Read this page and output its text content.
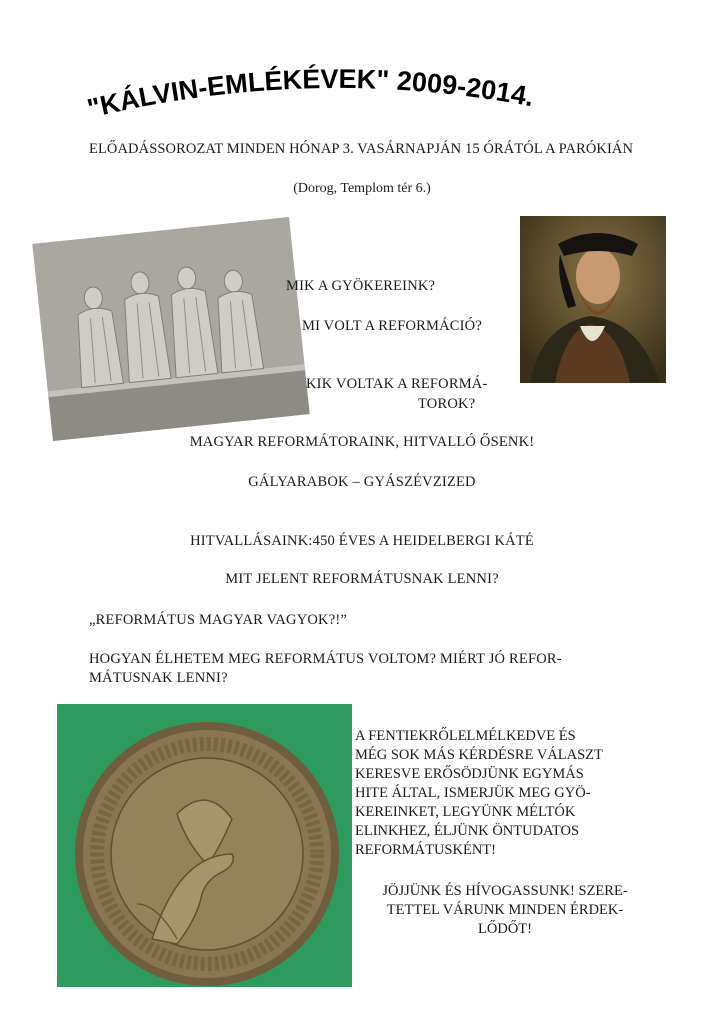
"KÁLVIN-EMLÉKÉVEK" 2009-2014.
ELŐADÁSSOROZAT MINDEN HÓNAP 3. VASÁRNAPJÁN 15 ÓRÁTÓL A PARÓKIÁN
(Dorog, Templom tér 6.)
MIK A GYÖKEREINK?
MI VOLT A REFORMÁCIÓ?
KIK VOLTAK A REFORMÁ-
TOROK?
MAGYAR REFORMÁTORAINK, HITVALLÓ ŐSENK!
GÁLYARABOK – GYÁSZÉVZIZED
HITVALLÁSAINK:450 ÉVES A HEIDELBERGI KÁTÉ
MIT JELENT REFORMÁTUSNAK LENNI?
„REFORMÁTUS MAGYAR VAGYOK?!”
HOGYAN ÉLHETEM MEG REFORMÁTUS VOLTOM? MIÉRT JÓ REFOR-
MÁTUSNAK LENNI?
A FENTIEKRŐLELMÉLKEDVE ÉS
MÉG SOK MÁS KÉRDÉSRE VÁLASZT
KERESVE ERŐSÖDJÜNK EGYMÁS
HITE ÁLTAL, ISMERJÜK MEG GYÖ-
KEREINKET, LEGYÜNK MÉLTÓK
ELINKHEZ, ÉLJÜNK ÖNTUDATOS
REFORMÁTUSKÉNT!
JÖJJÜNK ÉS HÍVOGASSUNK! SZERE-
TETTEL VÁRUNK MINDEN ÉRDEK-
LŐDŐT!
